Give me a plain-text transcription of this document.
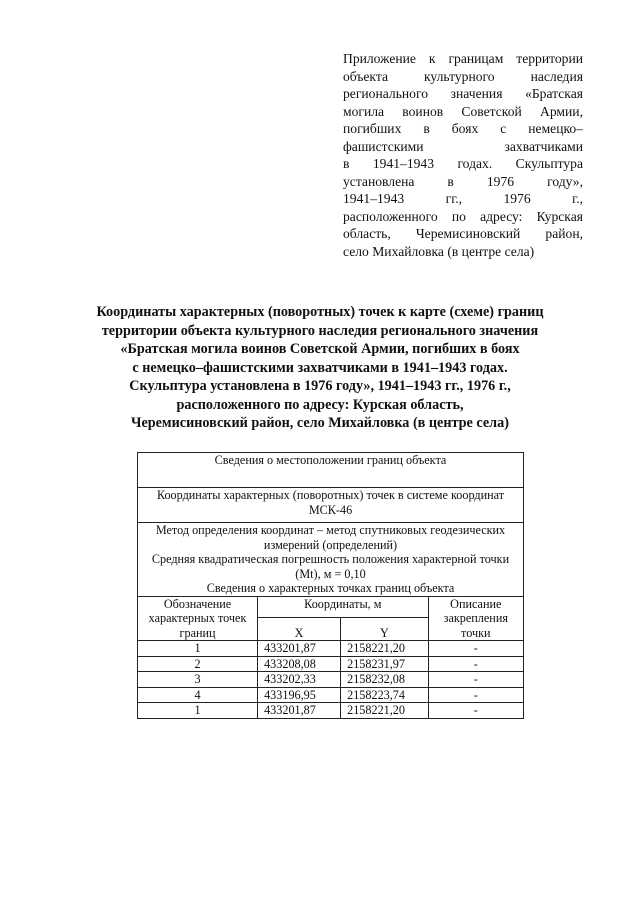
Приложение к границам территории
объекта культурного наследия
регионального значения «Братская
могила воинов Советской Армии,
погибших в боях с немецко–
фашистскими захватчиками
в 1941–1943 годах. Скульптура
установлена в 1976 году»,
1941–1943 гг., 1976 г.,
расположенного по адресу: Курская
область, Черемисиновский район,
село Михайловка (в центре села)
Координаты характерных (поворотных) точек к карте (схеме) границ
территории объекта культурного наследия регионального значения
«Братская могила воинов Советской Армии, погибших в боях
с немецко–фашистскими захватчиками в 1941–1943 годах.
Скульптура установлена в 1976 году», 1941–1943 гг., 1976 г.,
расположенного по адресу: Курская область,
Черемисиновский район, село Михайловка (в центре села)
Сведения о местоположении границ объекта			
Координаты характерных (поворотных) точек в системе координат
МСК-46			
Метод определения координат – метод спутниковых геодезических
измерений (определений)
Средняя квадратическая погрешность положения характерной точки
(Мt), м = 0,10
Сведения о характерных точках границ объекта			
Обозначение характерных точек границ	Координаты, м		Описание закрепления точки
	X	Y	
1	433201,87	2158221,20	-
2	433208,08	2158231,97	-
3	433202,33	2158232,08	-
4	433196,95	2158223,74	-
1	433201,87	2158221,20	-
